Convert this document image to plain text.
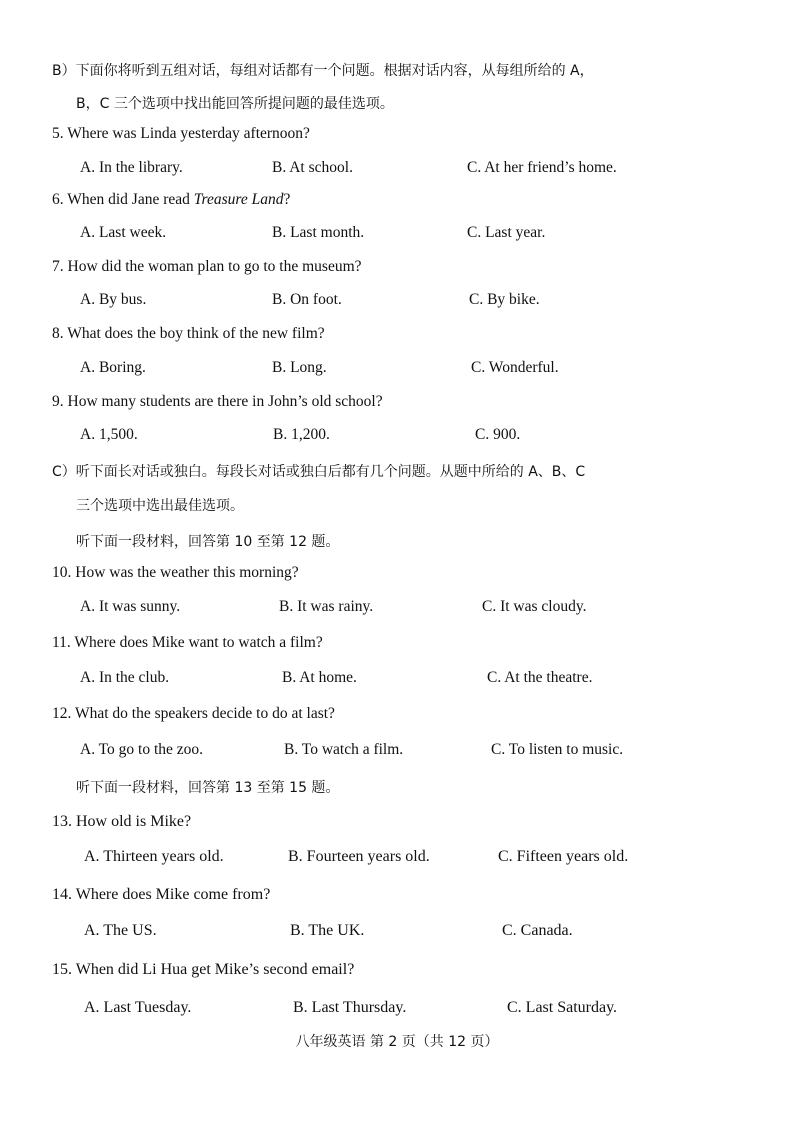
B）下面你将听到五组对话，每组对话都有一个问题。根据对话内容，从每组所给的 A，
B，C 三个选项中找出能回答所提问题的最佳选项。
5. Where was Linda yesterday afternoon?
A. In the library.	B. At school.	C. At her friend’s home.
6. When did Jane read Treasure Land?
A. Last week.	B. Last month.	C. Last year.
7. How did the woman plan to go to the museum?
A. By bus.	B. On foot.	C. By bike.
8. What does the boy think of the new film?
A. Boring.	B. Long.	C. Wonderful.
9. How many students are there in John’s old school?
A. 1,500.	B. 1,200.	C. 900.
C）听下面长对话或独白。每段长对话或独白后都有几个问题。从题中所给的 A、B、C
三个选项中选出最佳选项。
听下面一段材料，回答第 10 至第 12 题。
10. How was the weather this morning?
A. It was sunny.	B. It was rainy.	C. It was cloudy.
11. Where does Mike want to watch a film?
A. In the club.	B. At home.	C. At the theatre.
12. What do the speakers decide to do at last?
A. To go to the zoo.	B. To watch a film.	C. To listen to music.
听下面一段材料，回答第 13 至第 15 题。
13. How old is Mike?
A. Thirteen years old.	B. Fourteen years old.	C. Fifteen years old.
14. Where does Mike come from?
A. The US.	B. The UK.	C. Canada.
15. When did Li Hua get Mike’s second email?
A. Last Tuesday.	B. Last Thursday.	C. Last Saturday.
八年级英语 第 2 页（共 12 页）
